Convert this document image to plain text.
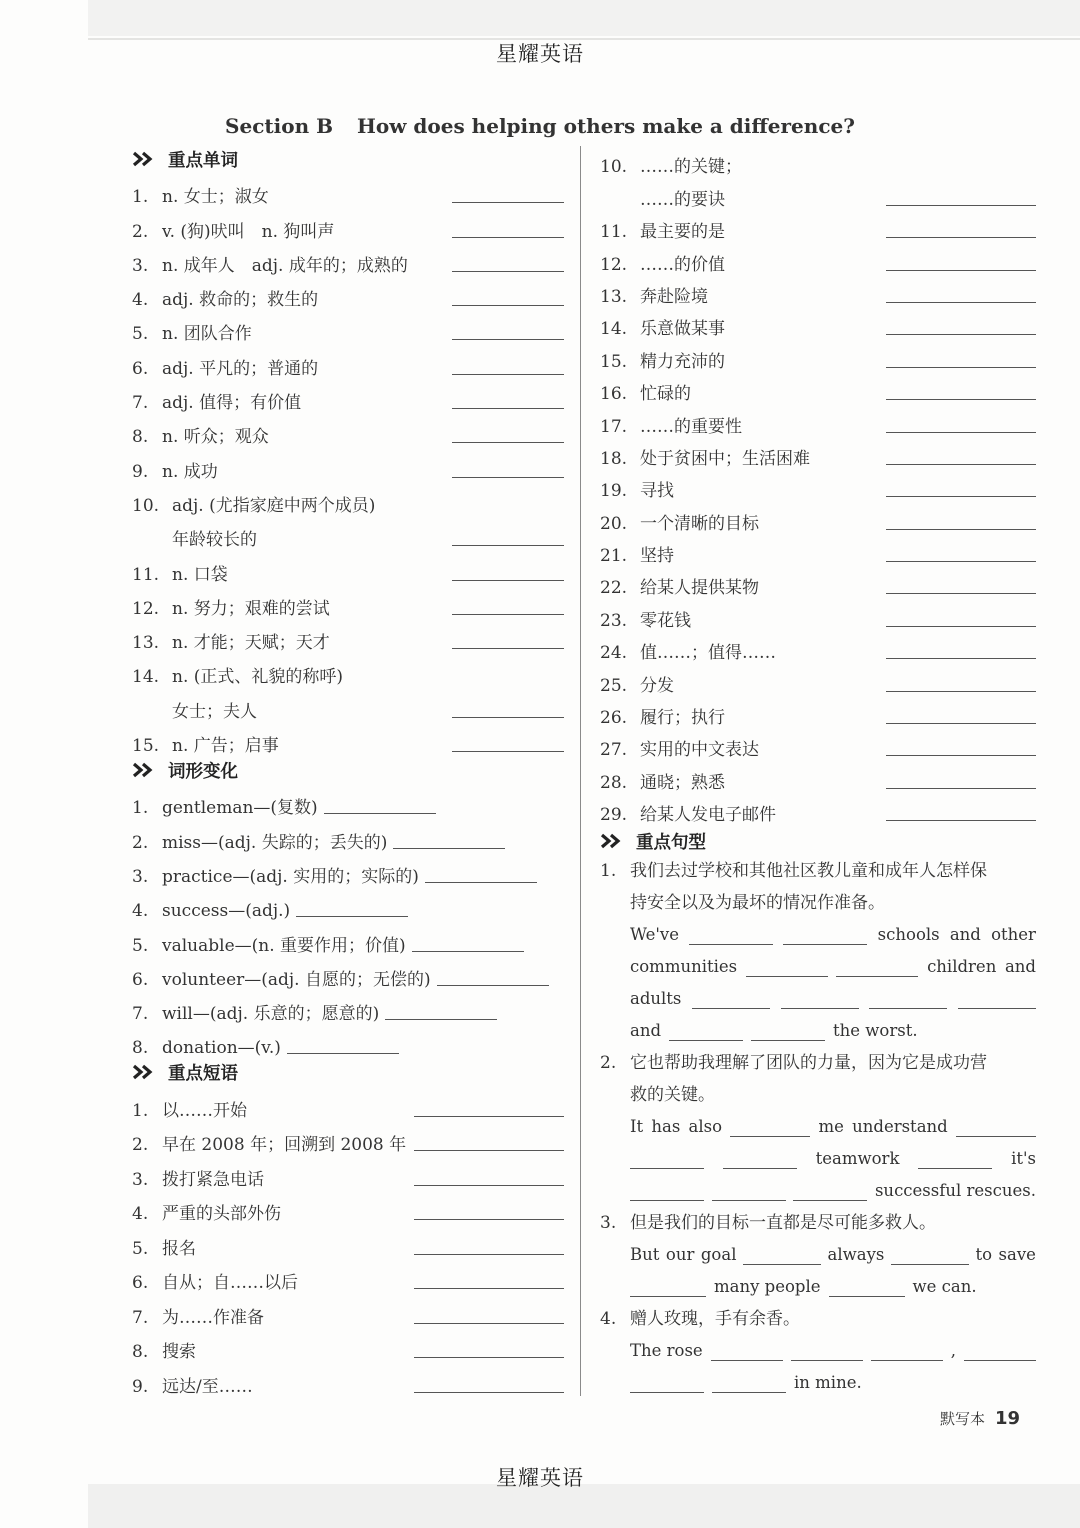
星耀英语
Section B How does helping others make a difference?
重点单词
1. n. 女士；淑女
2. v. (狗)吠叫　n. 狗叫声
3. n. 成年人　adj. 成年的；成熟的
4. adj. 救命的；救生的
5. n. 团队合作
6. adj. 平凡的；普通的
7. adj. 值得；有价值
8. n. 听众；观众
9. n. 成功
10. adj. (尤指家庭中两个成员)
年龄较长的
11. n. 口袋
12. n. 努力；艰难的尝试
13. n. 才能；天赋；天才
14. n. (正式、礼貌的称呼)
女士；夫人
15. n. 广告；启事
词形变化
1. gentleman—(复数)
2. miss—(adj. 失踪的；丢失的)
3. practice—(adj. 实用的；实际的)
4. success—(adj.)
5. valuable—(n. 重要作用；价值)
6. volunteer—(adj. 自愿的；无偿的)
7. will—(adj. 乐意的；愿意的)
8. donation—(v.)
重点短语
1. 以……开始
2. 早在 2008 年；回溯到 2008 年
3. 拨打紧急电话
4. 严重的头部外伤
5. 报名
6. 自从；自……以后
7. 为……作准备
8. 搜索
9. 远达/至……
10. ……的关键；
……的要诀
11. 最主要的是
12. ……的价值
13. 奔赴险境
14. 乐意做某事
15. 精力充沛的
16. 忙碌的
17. ……的重要性
18. 处于贫困中；生活困难
19. 寻找
20. 一个清晰的目标
21. 坚持
22. 给某人提供某物
23. 零花钱
24. 值……；值得……
25. 分发
26. 履行；执行
27. 实用的中文表达
28. 通晓；熟悉
29. 给某人发电子邮件
重点句型
1. 我们去过学校和其他社区教儿童和成年人怎样保
持安全以及为最坏的情况作准备。
We've	schools and other
communities	children and
adults
and	the worst.
2. 它也帮助我理解了团队的力量，因为它是成功营
救的关键。
It has also	me understand
teamwork	it's
successful rescues.
3. 但是我们的目标一直都是尽可能多救人。
But our goal	always	to save
many people	we can.
4. 赠人玫瑰，手有余香。
The rose	,
in mine.
默写本 19
星耀英语
